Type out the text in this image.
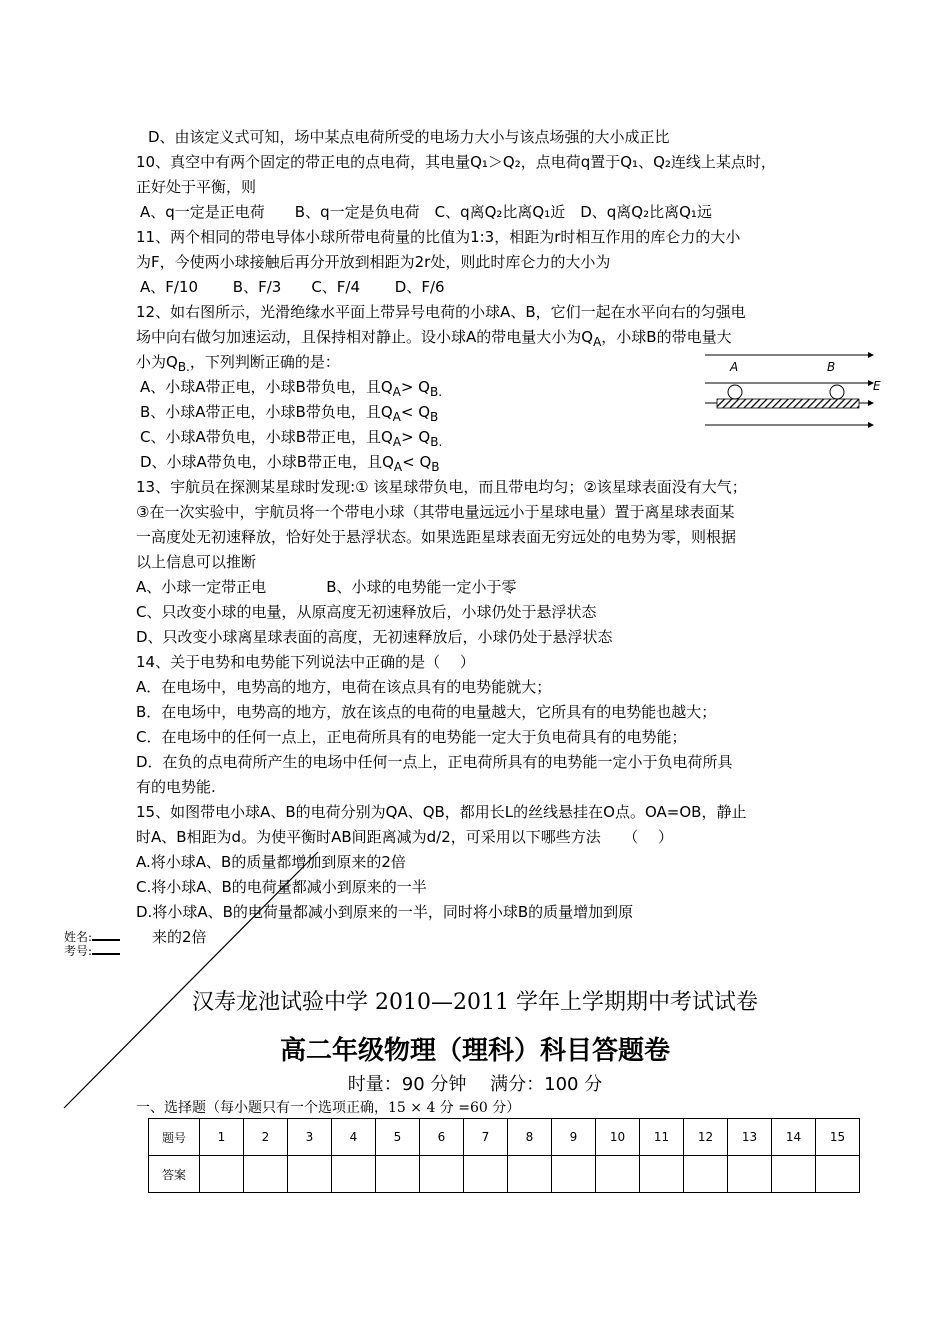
D、由该定义式可知，场中某点电荷所受的电场力大小与该点场强的大小成正比
10、真空中有两个固定的带正电的点电荷，其电量Q₁＞Q₂，点电荷q置于Q₁、Q₂连线上某点时，
正好处于平衡，则
A、q一定是正电荷　　B、q一定是负电荷　C、q离Q₂比离Q₁近　D、q离Q₂比离Q₁远
11、两个相同的带电导体小球所带电荷量的比值为1:3，相距为r时相互作用的库仑力的大小
为F，今使两小球接触后再分开放到相距为2r处，则此时库仑力的大小为
A、F/10　　 B、F/3　　C、F/4　　 D、F/6
12、如右图所示，光滑绝缘水平面上带异号电荷的小球A、B，它们一起在水平向右的匀强电
场中向右做匀加速运动，且保持相对静止。设小球A的带电量大小为$Q_A$，小球B的带电量大
小为$Q_{B.}$，下列判断正确的是：
A、小球A带正电，小球B带负电，且$Q_A> Q_{B.}$
B、小球A带正电，小球B带负电，且$Q_A< Q_B$
C、小球A带负电，小球B带正电，且$Q_A> Q_{B.}$
D、小球A带负电，小球B带正电，且$Q_A< Q_B$
A	B
E
13、宇航员在探测某星球时发现:① 该星球带负电，而且带电均匀；②该星球表面没有大气；
③在一次实验中，宇航员将一个带电小球（其带电量远远小于星球电量）置于离星球表面某
一高度处无初速释放，恰好处于悬浮状态。如果选距星球表面无穷远处的电势为零，则根据
以上信息可以推断
A、小球一定带正电　　　　B、小球的电势能一定小于零
C、只改变小球的电量，从原高度无初速释放后，小球仍处于悬浮状态
D、只改变小球离星球表面的高度，无初速释放后，小球仍处于悬浮状态
14、关于电势和电势能下列说法中正确的是（　 ）
A．在电场中，电势高的地方，电荷在该点具有的电势能就大；
B．在电场中，电势高的地方，放在该点的电荷的电量越大，它所具有的电势能也越大；
C．在电场中的任何一点上，正电荷所具有的电势能一定大于负电荷具有的电势能；
D．在负的点电荷所产生的电场中任何一点上，正电荷所具有的电势能一定小于负电荷所具
有的电势能.
15、如图带电小球A、B的电荷分别为QA、QB，都用长L的丝线悬挂在O点。OA=OB，静止
时A、B相距为d。为使平衡时AB间距离减为d/2，可采用以下哪些方法　　（　 ）
A.将小球A、B的质量都增加到原来的2倍
C.将小球A、B的电荷量都减小到原来的一半
D.将小球A、B的电荷量都减小到原来的一半，同时将小球B的质量增加到原
来的2倍
姓名:
考号:
汉寿龙池试验中学 2010—2011 学年上学期期中考试试卷
高二年级物理（理科）科目答题卷
时量：90 分钟　 满分：100 分
一、选择题（每小题只有一个选项正确，15 × 4 分 =60 分）
题号	1	2	3	4	5	6	7	8	9	10	11	12	13	14	15
答案															
